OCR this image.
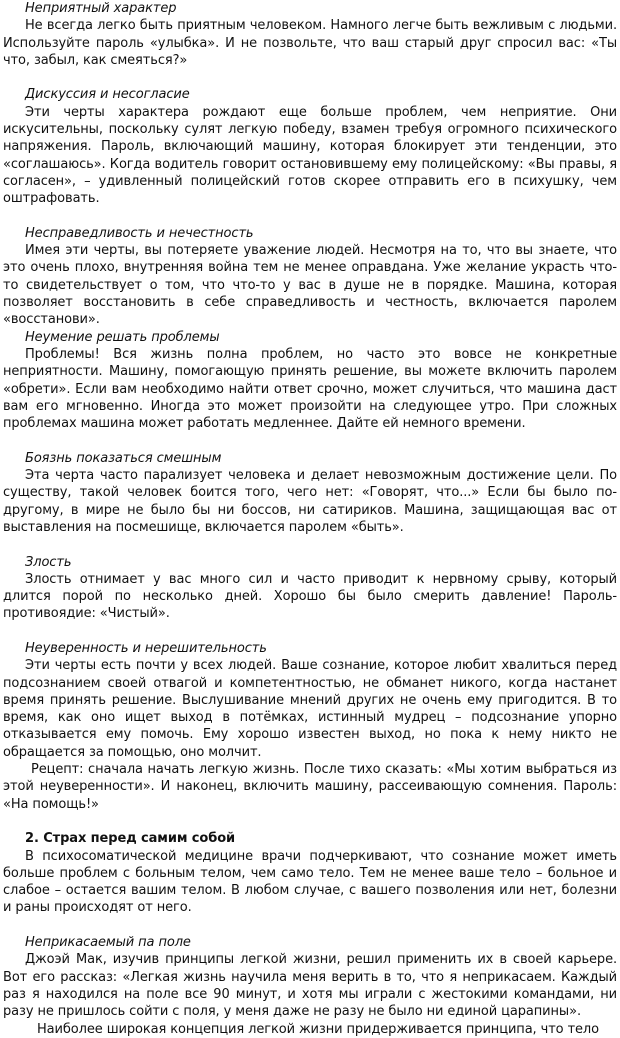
Неприятный характер

Не всегда легко быть приятным человеком. Намного легче быть вежливым с людьми. Используйте пароль «улыбка». И не позвольте, что ваш старый друг спросил вас: «Ты что, забыл, как смеяться?»

Дискуссия и несогласие

Эти черты характера рождают еще больше проблем, чем неприятие. Они искусительны, поскольку сулят легкую победу, взамен требуя огромного психического напряжения. Пароль, включающий машину, которая блокирует эти тенденции, это «соглашаюсь». Когда водитель говорит остановившему ему полицейскому: «Вы правы, я согласен», – удивленный полицейский готов скорее отправить его в психушку, чем оштрафовать.

Несправедливость и нечестность

Имея эти черты, вы потеряете уважение людей. Несмотря на то, что вы знаете, что это очень плохо, внутренняя война тем не менее оправдана. Уже желание украсть что-то свидетельствует о том, что что-то у вас в душе не в порядке. Машина, которая позволяет восстановить в себе справедливость и честность, включается паролем «восстанови».

Неумение решать проблемы

Проблемы! Вся жизнь полна проблем, но часто это вовсе не конкретные неприятности. Машину, помогающую принять решение, вы можете включить паролем «обрети». Если вам необходимо найти ответ срочно, может случиться, что машина даст вам его мгновенно. Иногда это может произойти на следующее утро. При сложных проблемах машина может работать медленнее. Дайте ей немного времени.

Боязнь показаться смешным

Эта черта часто парализует человека и делает невозможным достижение цели. По существу, такой человек боится того, чего нет: «Говорят, что...» Если бы было по-другому, в мире не было бы ни боссов, ни сатириков. Машина, защищающая вас от выставления на посмешище, включается паролем «быть».

Злость

Злость отнимает у вас много сил и часто приводит к нервному срыву, который длится порой по несколько дней. Хорошо бы было смерить давление! Пароль-противоядие: «Чистый».

Неуверенность и нерешительность

Эти черты есть почти у всех людей. Ваше сознание, которое любит хвалиться перед подсознанием своей отвагой и компетентностью, не обманет никого, когда настанет время принять решение. Выслушивание мнений других не очень ему пригодится. В то время, как оно ищет выход в потёмках, истинный мудрец – подсознание упорно отказывается ему помочь. Ему хорошо известен выход, но пока к нему никто не обращается за помощью, оно молчит.

Рецепт: сначала начать легкую жизнь. После тихо сказать: «Мы хотим выбраться из этой неуверенности». И наконец, включить машину, рассеивающую сомнения. Пароль: «На помощь!»

2. Страх перед самим собой

В психосоматической медицине врачи подчеркивают, что сознание может иметь больше проблем с больным телом, чем само тело. Тем не менее ваше тело – больное и слабое – остается вашим телом. В любом случае, с вашего позволения или нет, болезни и раны происходят от него.

Неприкасаемый па поле

Джоэй Мак, изучив принципы легкой жизни, решил применить их в своей карьере. Вот его рассказ: «Легкая жизнь научила меня верить в то, что я неприкасаем. Каждый раз я находился на поле все 90 минут, и хотя мы играли с жестокими командами, ни разу не пришлось сойти с поля, у меня даже не разу не было ни единой царапины».

Наиболее широкая концепция легкой жизни придерживается принципа, что тело
